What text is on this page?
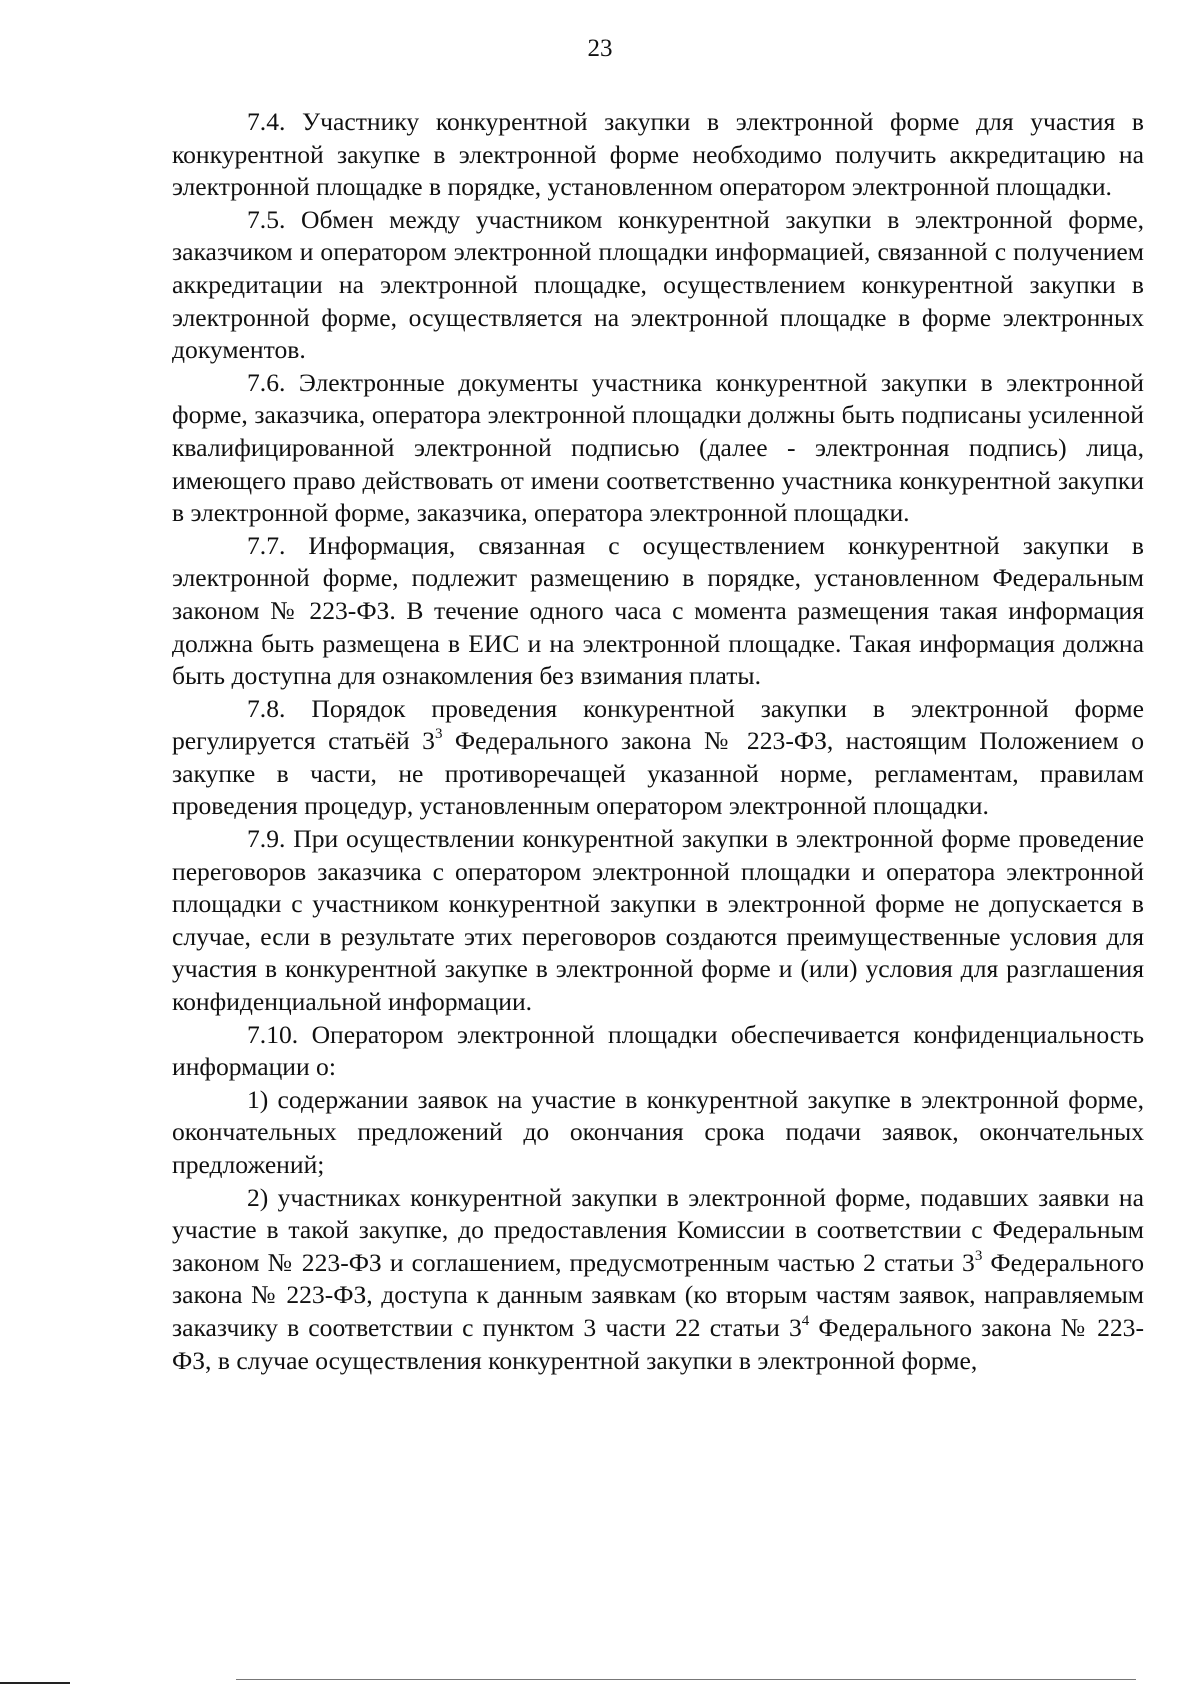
23

7.4. Участнику конкурентной закупки в электронной форме для участия в конкурентной закупке в электронной форме необходимо получить аккредитацию на электронной площадке в порядке, установленном оператором электронной площадки.

7.5. Обмен между участником конкурентной закупки в электронной форме, заказчиком и оператором электронной площадки информацией, связанной с получением аккредитации на электронной площадке, осуществлением конкурентной закупки в электронной форме, осуществляется на электронной площадке в форме электронных документов.

7.6. Электронные документы участника конкурентной закупки в электронной форме, заказчика, оператора электронной площадки должны быть подписаны усиленной квалифицированной электронной подписью (далее - электронная подпись) лица, имеющего право действовать от имени соответственно участника конкурентной закупки в электронной форме, заказчика, оператора электронной площадки.

7.7. Информация, связанная с осуществлением конкурентной закупки в электронной форме, подлежит размещению в порядке, установленном Федеральным законом № 223-ФЗ. В течение одного часа с момента размещения такая информация должна быть размещена в ЕИС и на электронной площадке. Такая информация должна быть доступна для ознакомления без взимания платы.

7.8. Порядок проведения конкурентной закупки в электронной форме регулируется статьёй $3^3$ Федерального закона № 223-ФЗ, настоящим Положением о закупке в части, не противоречащей указанной норме, регламентам, правилам проведения процедур, установленным оператором электронной площадки.

7.9. При осуществлении конкурентной закупки в электронной форме проведение переговоров заказчика с оператором электронной площадки и оператора электронной площадки с участником конкурентной закупки в электронной форме не допускается в случае, если в результате этих переговоров создаются преимущественные условия для участия в конкурентной закупке в электронной форме и (или) условия для разглашения конфиденциальной информации.

7.10. Оператором электронной площадки обеспечивается конфиденциальность информации о:

1) содержании заявок на участие в конкурентной закупке в электронной форме, окончательных предложений до окончания срока подачи заявок, окончательных предложений;

2) участниках конкурентной закупки в электронной форме, подавших заявки на участие в такой закупке, до предоставления Комиссии в соответствии с Федеральным законом № 223-ФЗ и соглашением, предусмотренным частью 2 статьи $3^3$ Федерального закона № 223-ФЗ, доступа к данным заявкам (ко вторым частям заявок, направляемым заказчику в соответствии с пунктом 3 части 22 статьи $3^4$ Федерального закона № 223-ФЗ, в случае осуществления конкурентной закупки в электронной форме,
